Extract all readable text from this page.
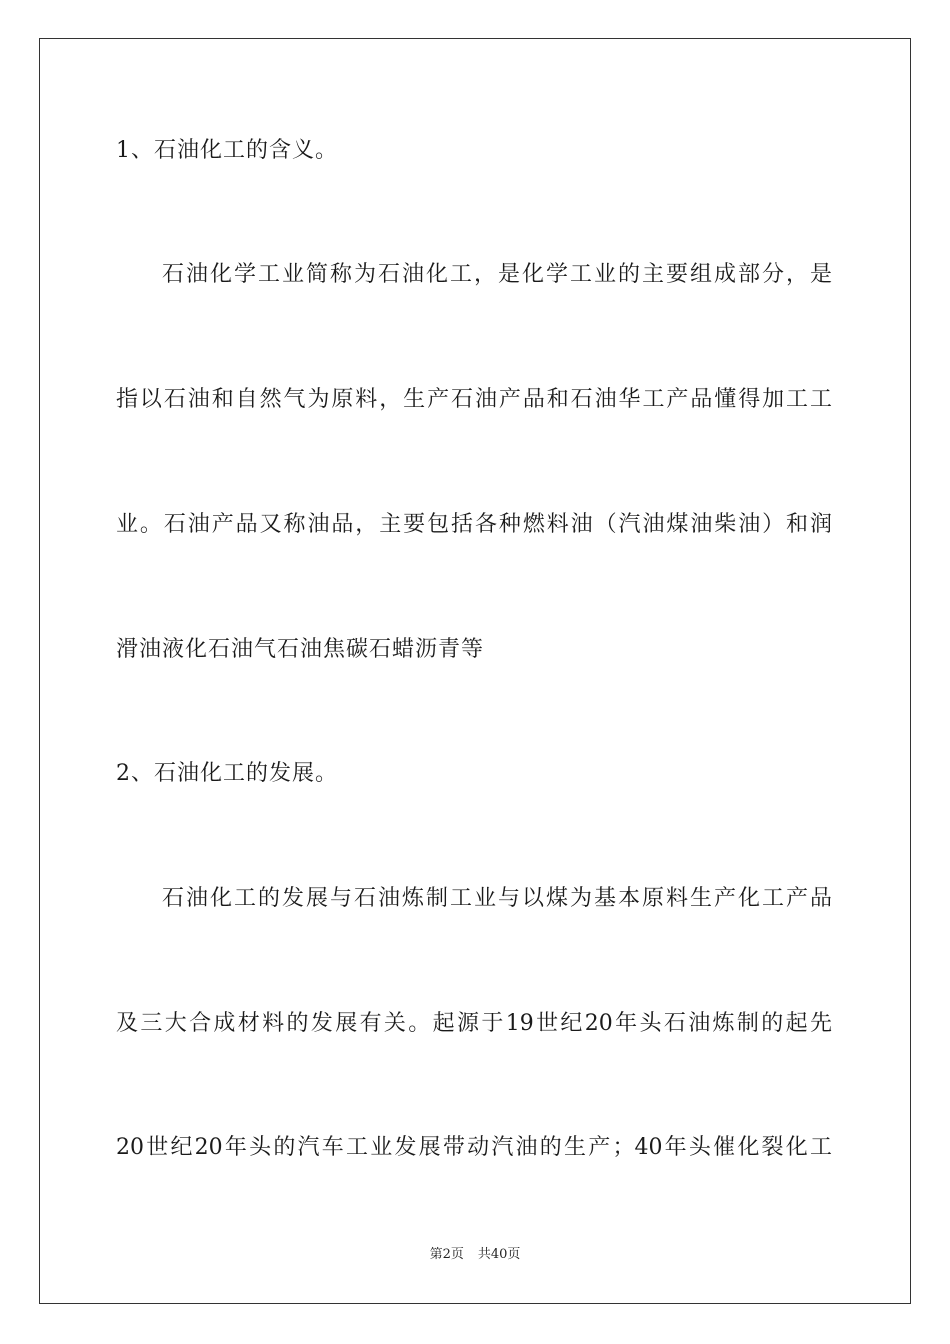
1、石油化工的含义。
石油化学工业简称为石油化工，是化学工业的主要组成部分，是
指以石油和自然气为原料，生产石油产品和石油华工产品懂得加工工
业。石油产品又称油品，主要包括各种燃料油（汽油煤油柴油）和润
滑油液化石油气石油焦碳石蜡沥青等
2、石油化工的发展。
石油化工的发展与石油炼制工业与以煤为基本原料生产化工产品
及三大合成材料的发展有关。起源于19世纪20年头石油炼制的起先
20世纪20年头的汽车工业发展带动汽油的生产；40年头催化裂化工
第2页 共40页
